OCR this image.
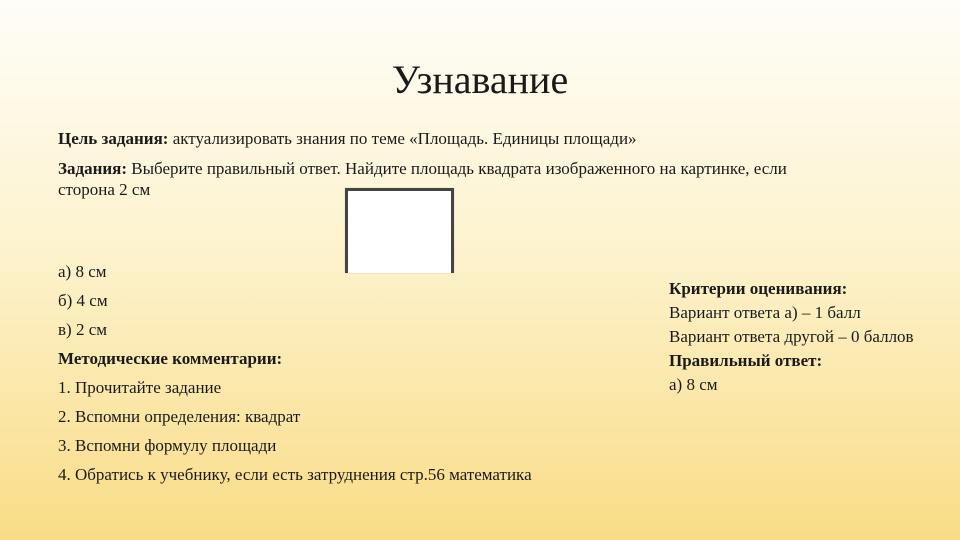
Узнавание

Цель задания: актуализировать знания по теме «Площадь. Единицы площади»

Задания: Выберите правильный ответ. Найдите площадь квадрата изображенного на картинке, если сторона 2 см

а) 8 см

б) 4 см

в) 2 см

Методические комментарии:

1. Прочитайте задание

2. Вспомни определения: квадрат

3. Вспомни формулу площади

4. Обратись к учебнику, если есть затруднения стр.56 математика

Критерии оценивания:

Вариант ответа а) – 1 балл

Вариант ответа другой – 0 баллов

Правильный ответ:

а) 8 см
